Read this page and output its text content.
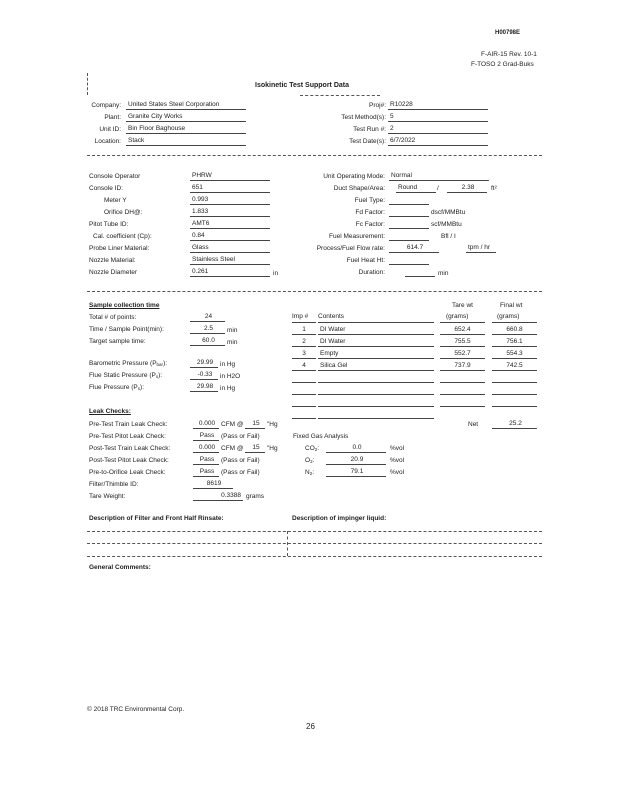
H00798E
F-AIR-15 Rev. 10-1
F-TOSO 2 Grad-Buks
Isokinetic Test Support Data
Company:	United States Steel Corporation
Plant:	Granite City Works
Unit ID:	Bin Floor Baghouse
Location:	Stack
Proj#: R10228
Test Method(s): 5
Test Run #: 2
Test Date(s): 6/7/2022
Console Operator	PHRW
Console ID:	651
Meter Y	0.993
Orifice DH@:	1.833
Pitot Tube ID:	AMT6
Cal. coefficient (Cp):	0.84
Probe Liner Material:	Glass
Nozzle Material:	Stainless Steel
Nozzle Diameter	0.261	in
Unit Operating Mode: Normal
Duct Shape/Area:	Round	/	2.38	ft²
Fuel Type:
Fd Factor:	dscf/MMBtu
Fc Factor:	scf/MMBtu
Fuel Measurement:	Bfl / I
Process/Fuel Flow rate:	614.7	tpm / hr
Fuel Heat Ht:
Duration:	min
Sample collection time
Total # of points:	24
Time / Sample Point(min):	2.5	min
Target sample time:	60.0	min
Barometric Pressure $(P_{bar})$:	29.99	in Hg
Flue Static Pressure $(P_s)$:	-0.33	in H2O
Flue Pressure $(P_s)$:	29.98	in Hg
Imp # Contents
Tare wt
(grams)
Final wt
(grams)
1	DI Water	652.4	660.8
2	DI Water	755.5	756.1
3	Empty	552.7	554.3
4	Silica Gel	737.9	742.5
Net	25.2
Leak Checks:
Pre-Test Train Leak Check:	0.000 CFM @	15	"Hg
Pre-Test Pitot Leak Check:	Pass	(Pass or Fail)
Post-Test Train Leak Check:	0.000 CFM @	15	"Hg
Post-Test Pitot Leak Check:	Pass	(Pass or Fail)
Pre-to-Orifice Leak Check:	Pass	(Pass or Fail)
Filter/Thimble ID:	8619
Tare Weight:	0.3388 grams
Fixed Gas Analysis
$CO_2$:	0.0	%vol
$O_2$:	20.9	%vol
$N_2$:	79.1	%vol
Description of Filter and Front Half Rinsate:	Description of impinger liquid:
General Comments:
© 2018 TRC Environmental Corp.
26
